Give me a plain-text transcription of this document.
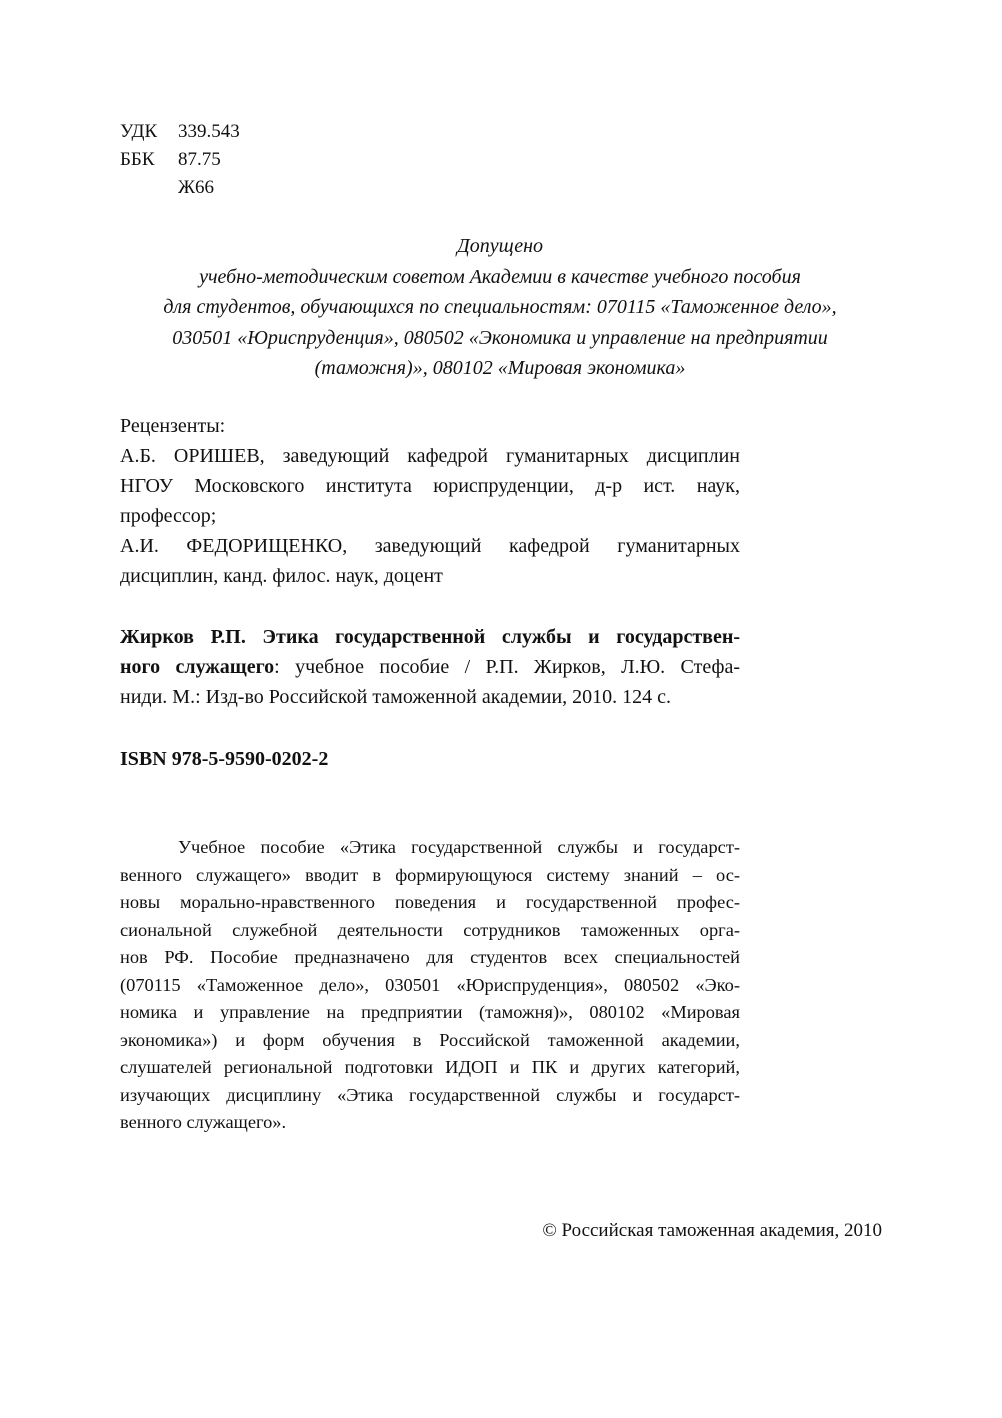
УДК	339.543
ББК	87.75
Ж66
Допущено
учебно-методическим советом Академии в качестве учебного пособия
для студентов, обучающихся по специальностям: 070115 «Таможенное дело»,
030501 «Юриспруденция», 080502 «Экономика и управление на предприятии
(таможня)», 080102 «Мировая экономика»
Рецензенты:
А.Б. ОРИШЕВ, заведующий кафедрой гуманитарных дисциплин
НГОУ Московского института юриспруденции, д-р ист. наук,
профессор;
А.И. ФЕДОРИЩЕНКО, заведующий кафедрой гуманитарных
дисциплин, канд. филос. наук, доцент
Жирков Р.П. Этика государственной службы и государствен-
ного служащего: учебное пособие / Р.П. Жирков, Л.Ю. Стефа-
ниди. М.: Изд-во Российской таможенной академии, 2010. 124 с.
ISBN 978-5-9590-0202-2
Учебное пособие «Этика государственной службы и государст-
венного служащего» вводит в формирующуюся систему знаний – ос-
новы морально-нравственного поведения и государственной профес-
сиональной служебной деятельности сотрудников таможенных орга-
нов РФ. Пособие предназначено для студентов всех специальностей
(070115 «Таможенное дело», 030501 «Юриспруденция», 080502 «Эко-
номика и управление на предприятии (таможня)», 080102 «Мировая
экономика») и форм обучения в Российской таможенной академии,
слушателей региональной подготовки ИДОП и ПК и других категорий,
изучающих дисциплину «Этика государственной службы и государст-
венного служащего».
© Российская таможенная академия, 2010
